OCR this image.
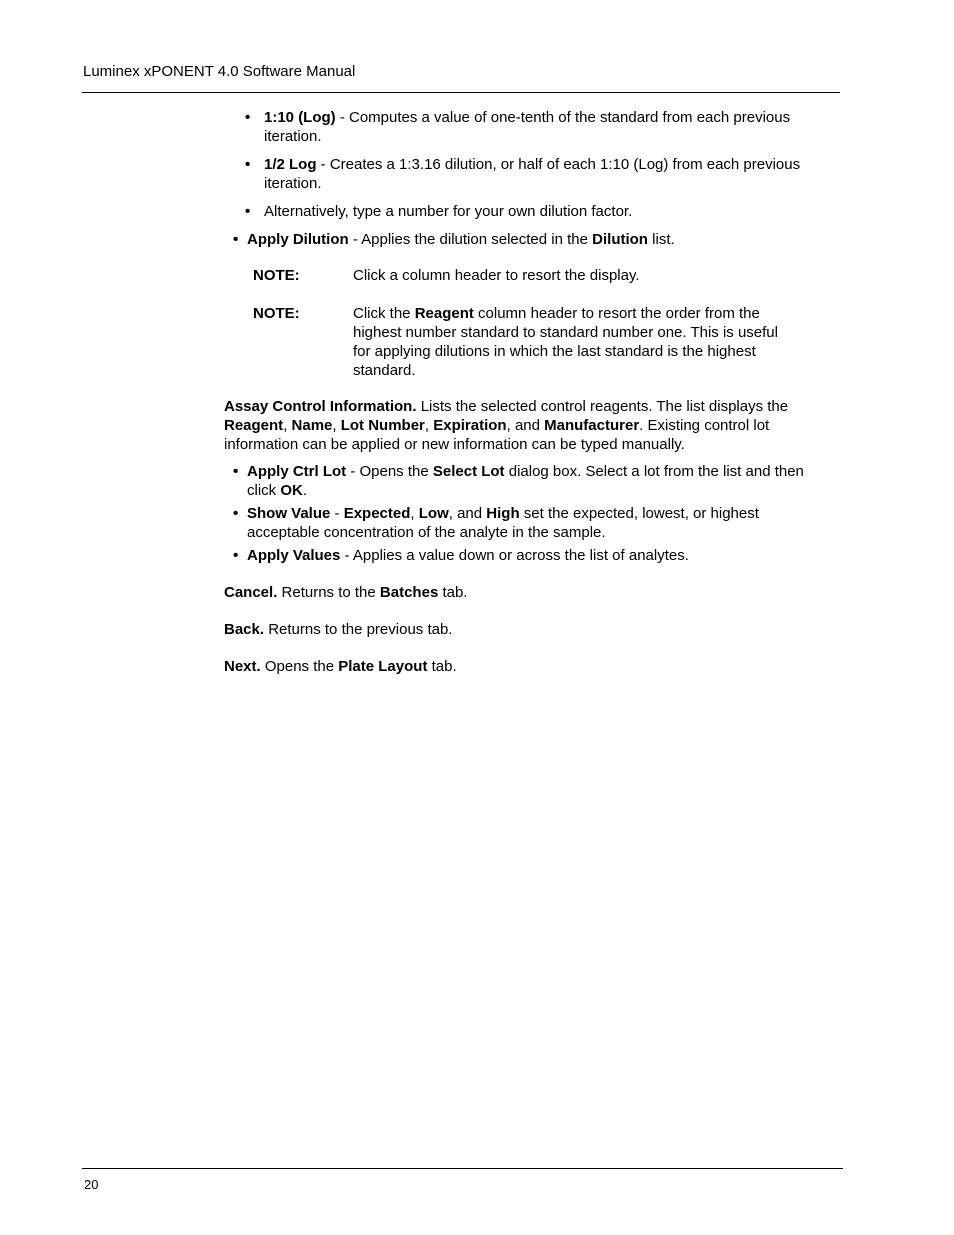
Luminex xPONENT 4.0 Software Manual
• 1:10 (Log) - Computes a value of one-tenth of the standard from each previous iteration.
• 1/2 Log - Creates a 1:3.16 dilution, or half of each 1:10 (Log) from each previous iteration.
• Alternatively, type a number for your own dilution factor.
• Apply Dilution - Applies the dilution selected in the Dilution list.
NOTE:	Click a column header to resort the display.
NOTE:	Click the Reagent column header to resort the order from the highest number standard to standard number one. This is useful for applying dilutions in which the last standard is the highest standard.
Assay Control Information. Lists the selected control reagents. The list displays the Reagent, Name, Lot Number, Expiration, and Manufacturer. Existing control lot information can be applied or new information can be typed manually.
• Apply Ctrl Lot - Opens the Select Lot dialog box. Select a lot from the list and then click OK.
• Show Value - Expected, Low, and High set the expected, lowest, or highest acceptable concentration of the analyte in the sample.
• Apply Values - Applies a value down or across the list of analytes.
Cancel. Returns to the Batches tab.
Back. Returns to the previous tab.
Next. Opens the Plate Layout tab.
20
